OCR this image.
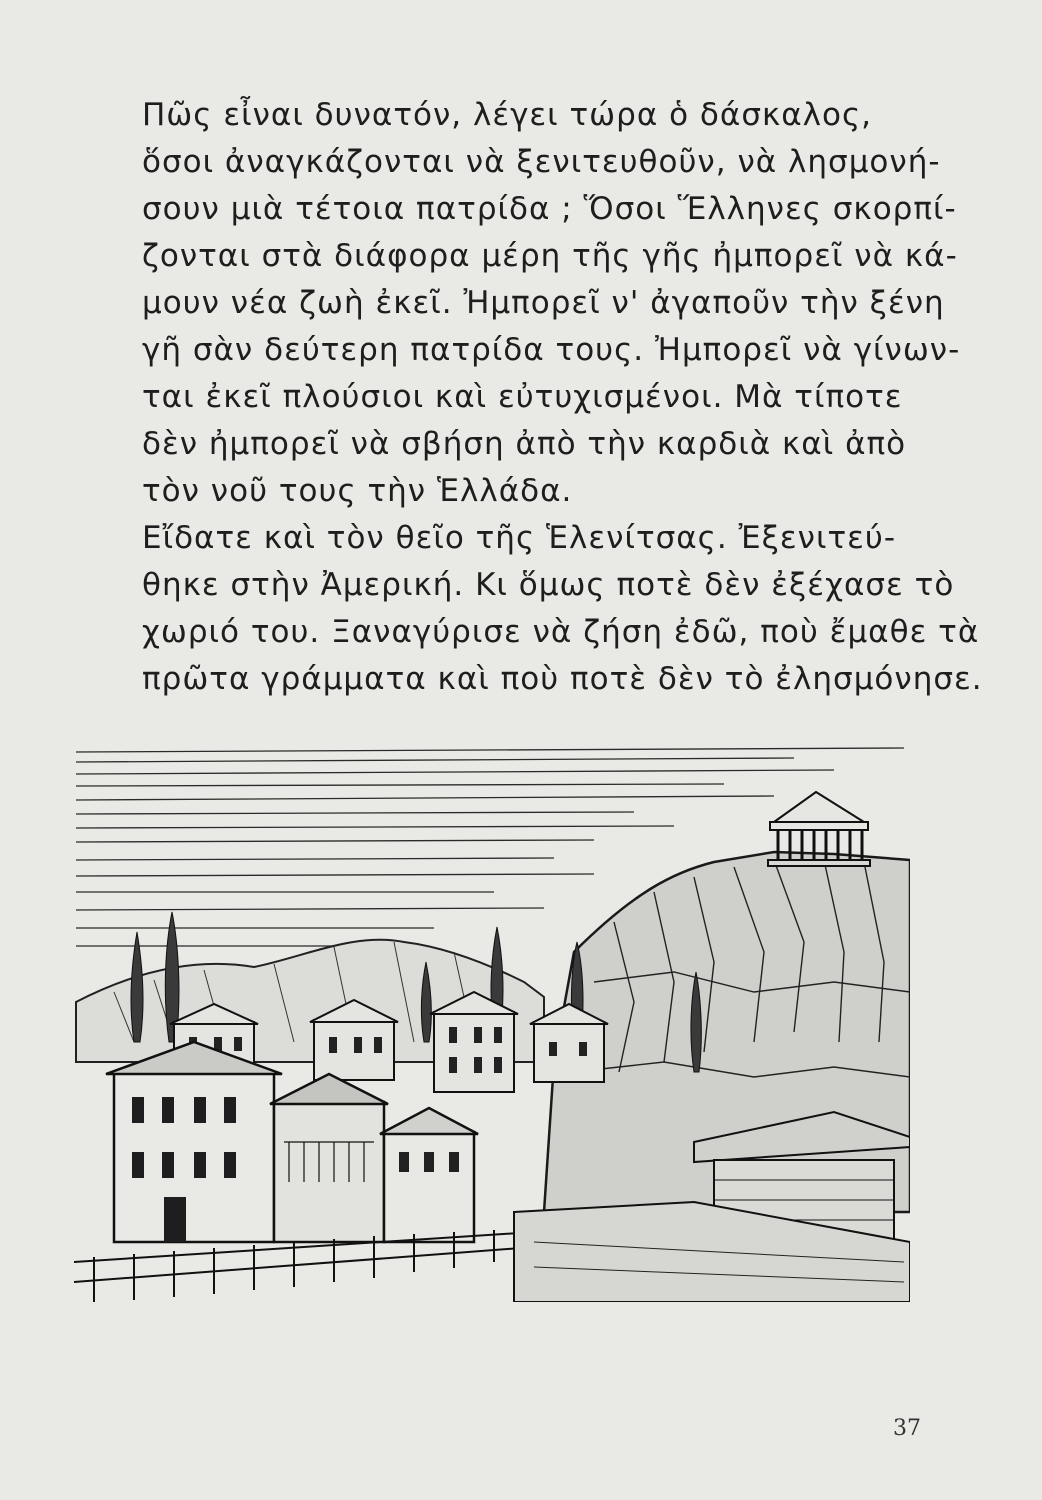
Πῶς εἶναι δυνατόν, λέγει τώρα ὁ δάσκαλος,
ὅσοι ἀναγκάζονται νὰ ξενιτευθοῦν, νὰ λησμονή-
σουν μιὰ τέτοια πατρίδα ; Ὅσοι Ἕλληνες σκορπί-
ζονται στὰ διάφορα μέρη τῆς γῆς ἠμπορεῖ νὰ κά-
μουν νέα ζωὴ ἐκεῖ. Ἠμπορεῖ ν' ἀγαποῦν τὴν ξένη
γῆ σὰν δεύτερη πατρίδα τους. Ἠμπορεῖ νὰ γίνων-
ται ἐκεῖ πλούσιοι καὶ εὐτυχισμένοι. Μὰ τίποτε
δὲν ἠμπορεῖ νὰ σβήση ἀπὸ τὴν καρδιὰ καὶ ἀπὸ
τὸν νοῦ τους τὴν Ἑλλάδα.

Εἴδατε καὶ τὸν θεῖο τῆς Ἑλενίτσας. Ἐξενιτεύ-
θηκε στὴν Ἀμερική. Κι ὅμως ποτὲ δὲν ἐξέχασε τὸ
χωριό του. Ξαναγύρισε νὰ ζήση ἐδῶ, ποὺ ἔμαθε τὰ
πρῶτα γράμματα καὶ ποὺ ποτὲ δὲν τὸ ἐλησμόνησε.

37
